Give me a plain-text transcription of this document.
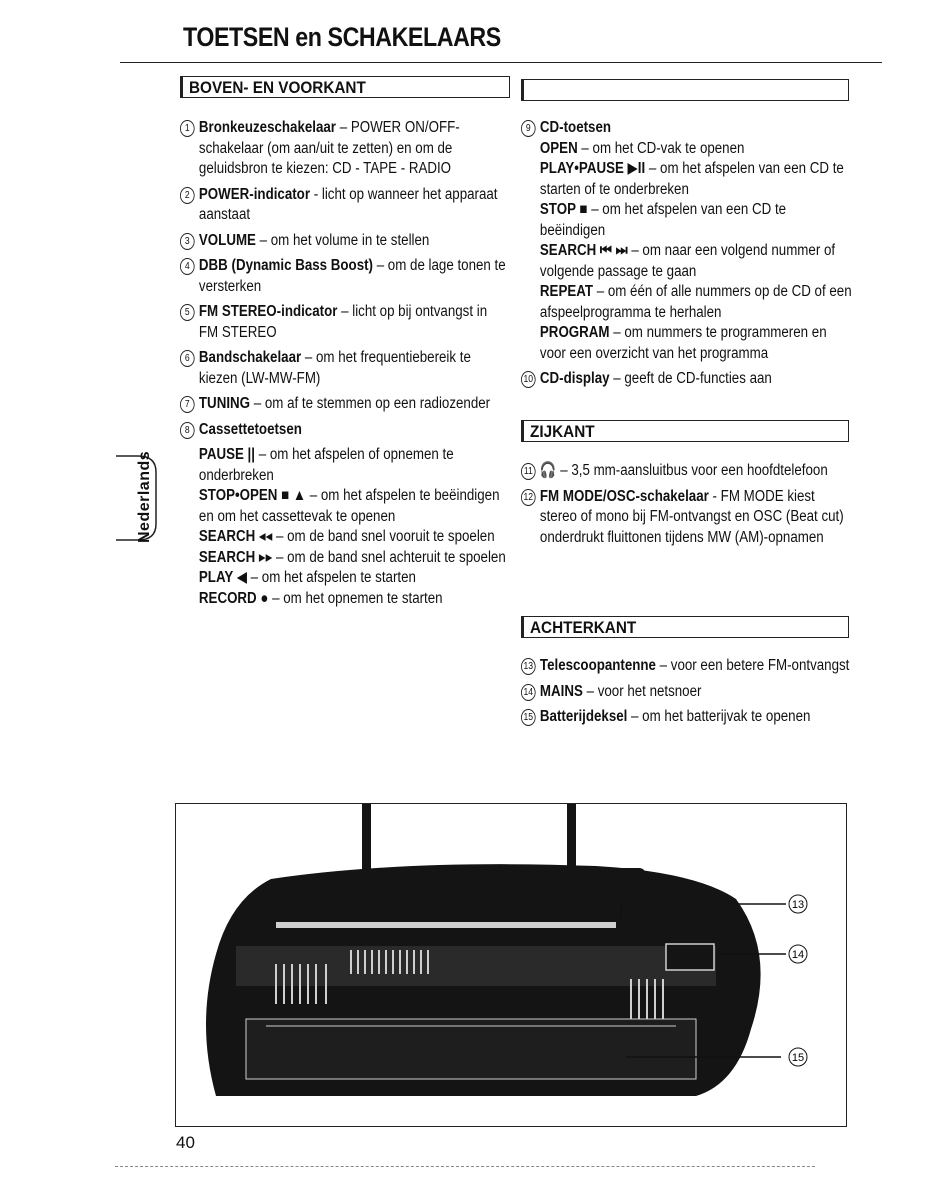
TOETSEN en SCHAKELAARS
Nederlands
BOVEN- EN VOORKANT
ZIJKANT
ACHTERKANT
1 Bronkeuzeschakelaar – POWER ON/OFF-schakelaar (om aan/uit te zetten) en om de geluidsbron te kiezen: CD - TAPE - RADIO
2 POWER-indicator - licht op wanneer het apparaat aanstaat
3 VOLUME – om het volume in te stellen
4 DBB (Dynamic Bass Boost) – om de lage tonen te versterken
5 FM STEREO-indicator – licht op bij ontvangst in FM STEREO
6 Bandschakelaar – om het frequentiebereik te kiezen (LW-MW-FM)
7 TUNING – om af te stemmen op een radiozender
8 Cassettetoetsen
PAUSE || – om het afspelen of opnemen te onderbreken
STOP•OPEN ■ ▲ – om het afspelen te beëindigen en om het cassettevak te openen
SEARCH ◂◂ – om de band snel vooruit te spoelen
SEARCH ▸▸ – om de band snel achteruit te spoelen
PLAY ◀ – om het afspelen te starten
RECORD ● – om het opnemen te starten
9 CD-toetsen
OPEN – om het CD-vak te openen
PLAY•PAUSE ▶II – om het afspelen van een CD te starten of te onderbreken
STOP ■ – om het afspelen van een CD te beëindigen
SEARCH ⏮ ⏭ – om naar een volgend nummer of volgende passage te gaan
REPEAT – om één of alle nummers op de CD of een afspeelprogramma te herhalen
PROGRAM – om nummers te programmeren en voor een overzicht van het programma
10 CD-display – geeft de CD-functies aan
11 🎧 – 3,5 mm-aansluitbus voor een hoofdtelefoon
12 FM MODE/OSC-schakelaar - FM MODE kiest stereo of mono bij FM-ontvangst en OSC (Beat cut) onderdrukt fluittonen tijdens MW (AM)-opnamen
13 Telescoopantenne – voor een betere FM-ontvangst
14 MAINS – voor het netsnoer
15 Batterijdeksel – om het batterijvak te openen
13
14
15
40
